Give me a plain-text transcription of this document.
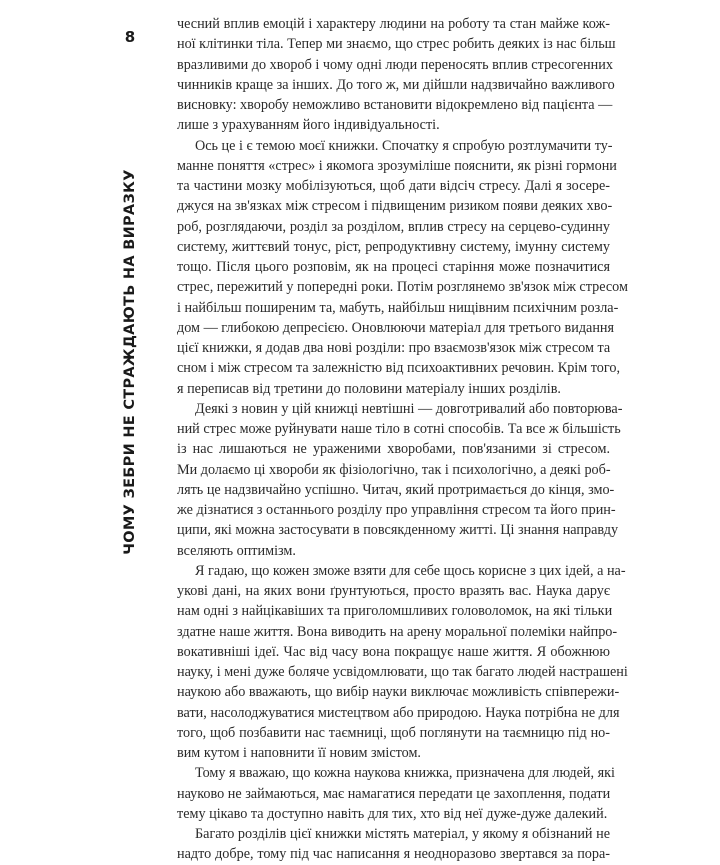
8
ЧОМУ ЗЕБРИ НЕ СТРАЖДАЮТЬ НА ВИРАЗКУ
чесний вплив емоцій і характеру людини на роботу та стан майже кож-
ної клітинки тіла. Тепер ми знаємо, що стрес робить деяких із нас більш
вразливими до хвороб і чому одні люди переносять вплив стресогенних
чинників краще за інших. До того ж, ми дійшли надзвичайно важливого
висновку: хворобу неможливо встановити відокремлено від пацієнта —
лише з урахуванням його індивідуальності.
Ось це і є темою моєї книжки. Спочатку я спробую розтлумачити ту-
манне поняття «стрес» і якомога зрозуміліше пояснити, як різні гормони
та частини мозку мобілізуються, щоб дати відсіч стресу. Далі я зосере-
джуся на зв'язках між стресом і підвищеним ризиком появи деяких хво-
роб, розглядаючи, розділ за розділом, вплив стресу на серцево-судинну
систему, життєвий тонус, ріст, репродуктивну систему, імунну систему
тощо. Після цього розповім, як на процесі старіння може позначитися
стрес, пережитий у попередні роки. Потім розглянемо зв'язок між стресом
і найбільш поширеним та, мабуть, найбільш нищівним психічним розла-
дом — глибокою депресією. Оновлюючи матеріал для третього видання
цієї книжки, я додав два нові розділи: про взаємозв'язок між стресом та
сном і між стресом та залежністю від психоактивних речовин. Крім того,
я переписав від третини до половини матеріалу інших розділів.
Деякі з новин у цій книжці невтішні — довготривалий або повторюва-
ний стрес може руйнувати наше тіло в сотні способів. Та все ж більшість
із нас лишаються не ураженими хворобами, пов'язаними зі стресом.
Ми долаємо ці хвороби як фізіологічно, так і психологічно, а деякі роб-
лять це надзвичайно успішно. Читач, який протримається до кінця, змо-
же дізнатися з останнього розділу про управління стресом та його прин-
ципи, які можна застосувати в повсякденному житті. Ці знання направду
вселяють оптимізм.
Я гадаю, що кожен зможе взяти для себе щось корисне з цих ідей, а на-
укові дані, на яких вони ґрунтуються, просто вразять вас. Наука дарує
нам одні з найцікавіших та приголомшливих головоломок, на які тільки
здатне наше життя. Вона виводить на арену моральної полеміки найпро-
вокативніші ідеї. Час від часу вона покращує наше життя. Я обожнюю
науку, і мені дуже боляче усвідомлювати, що так багато людей настрашені
наукою або вважають, що вибір науки виключає можливість співпережи-
вати, насолоджуватися мистецтвом або природою. Наука потрібна не для
того, щоб позбавити нас таємниці, щоб поглянути на таємницю під но-
вим кутом і наповнити її новим змістом.
Тому я вважаю, що кожна наукова книжка, призначена для людей, які
науково не займаються, має намагатися передати це захоплення, подати
тему цікаво та доступно навіть для тих, хто від неї дуже-дуже далекий.
Багато розділів цієї книжки містять матеріал, у якому я обізнаний не
надто добре, тому під час написання я неодноразово звертався за пора-
